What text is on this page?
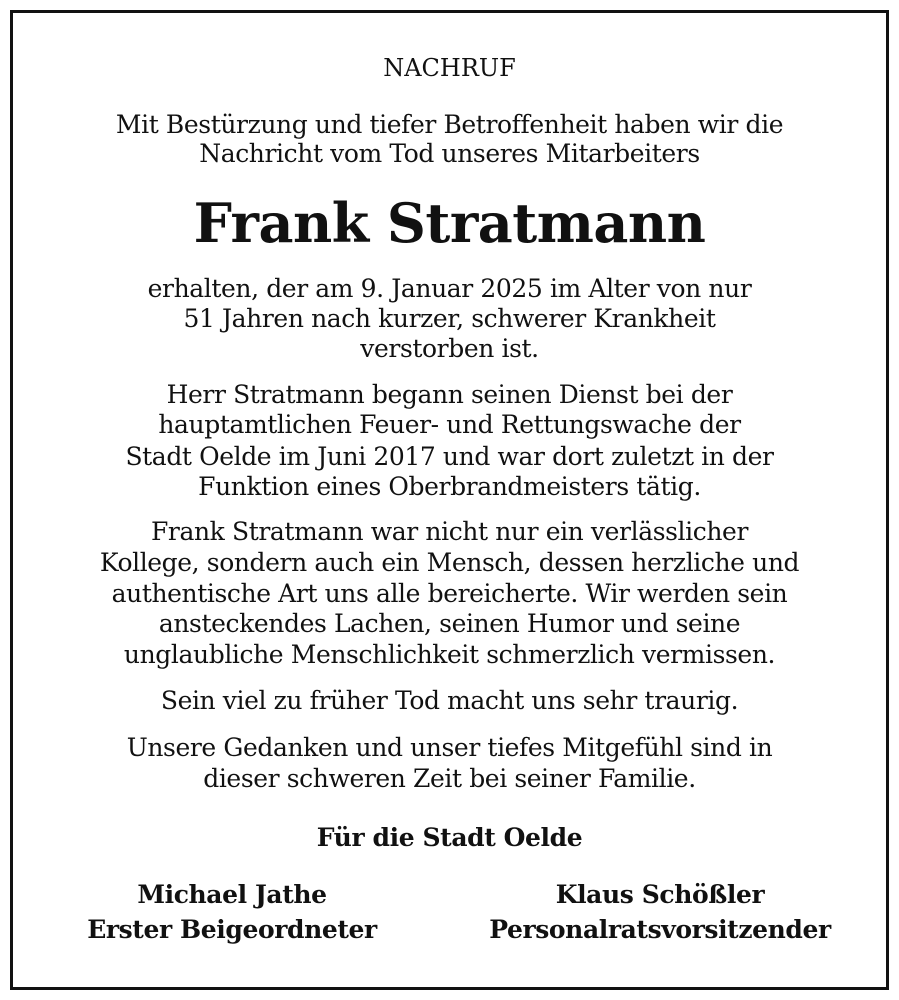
NACHRUF
Mit Bestürzung und tiefer Betroffenheit haben wir die
Nachricht vom Tod unseres Mitarbeiters
Frank Stratmann
erhalten, der am 9. Januar 2025 im Alter von nur
51 Jahren nach kurzer, schwerer Krankheit
verstorben ist.
Herr Stratmann begann seinen Dienst bei der
hauptamtlichen Feuer- und Rettungswache der
Stadt Oelde im Juni 2017 und war dort zuletzt in der
Funktion eines Oberbrandmeisters tätig.
Frank Stratmann war nicht nur ein verlässlicher
Kollege, sondern auch ein Mensch, dessen herzliche und
authentische Art uns alle bereicherte. Wir werden sein
ansteckendes Lachen, seinen Humor und seine
unglaubliche Menschlichkeit schmerzlich vermissen.
Sein viel zu früher Tod macht uns sehr traurig.
Unsere Gedanken und unser tiefes Mitgefühl sind in
dieser schweren Zeit bei seiner Familie.
Für die Stadt Oelde
Michael Jathe
Erster Beigeordneter
Klaus Schößler
Personalratsvorsitzender
